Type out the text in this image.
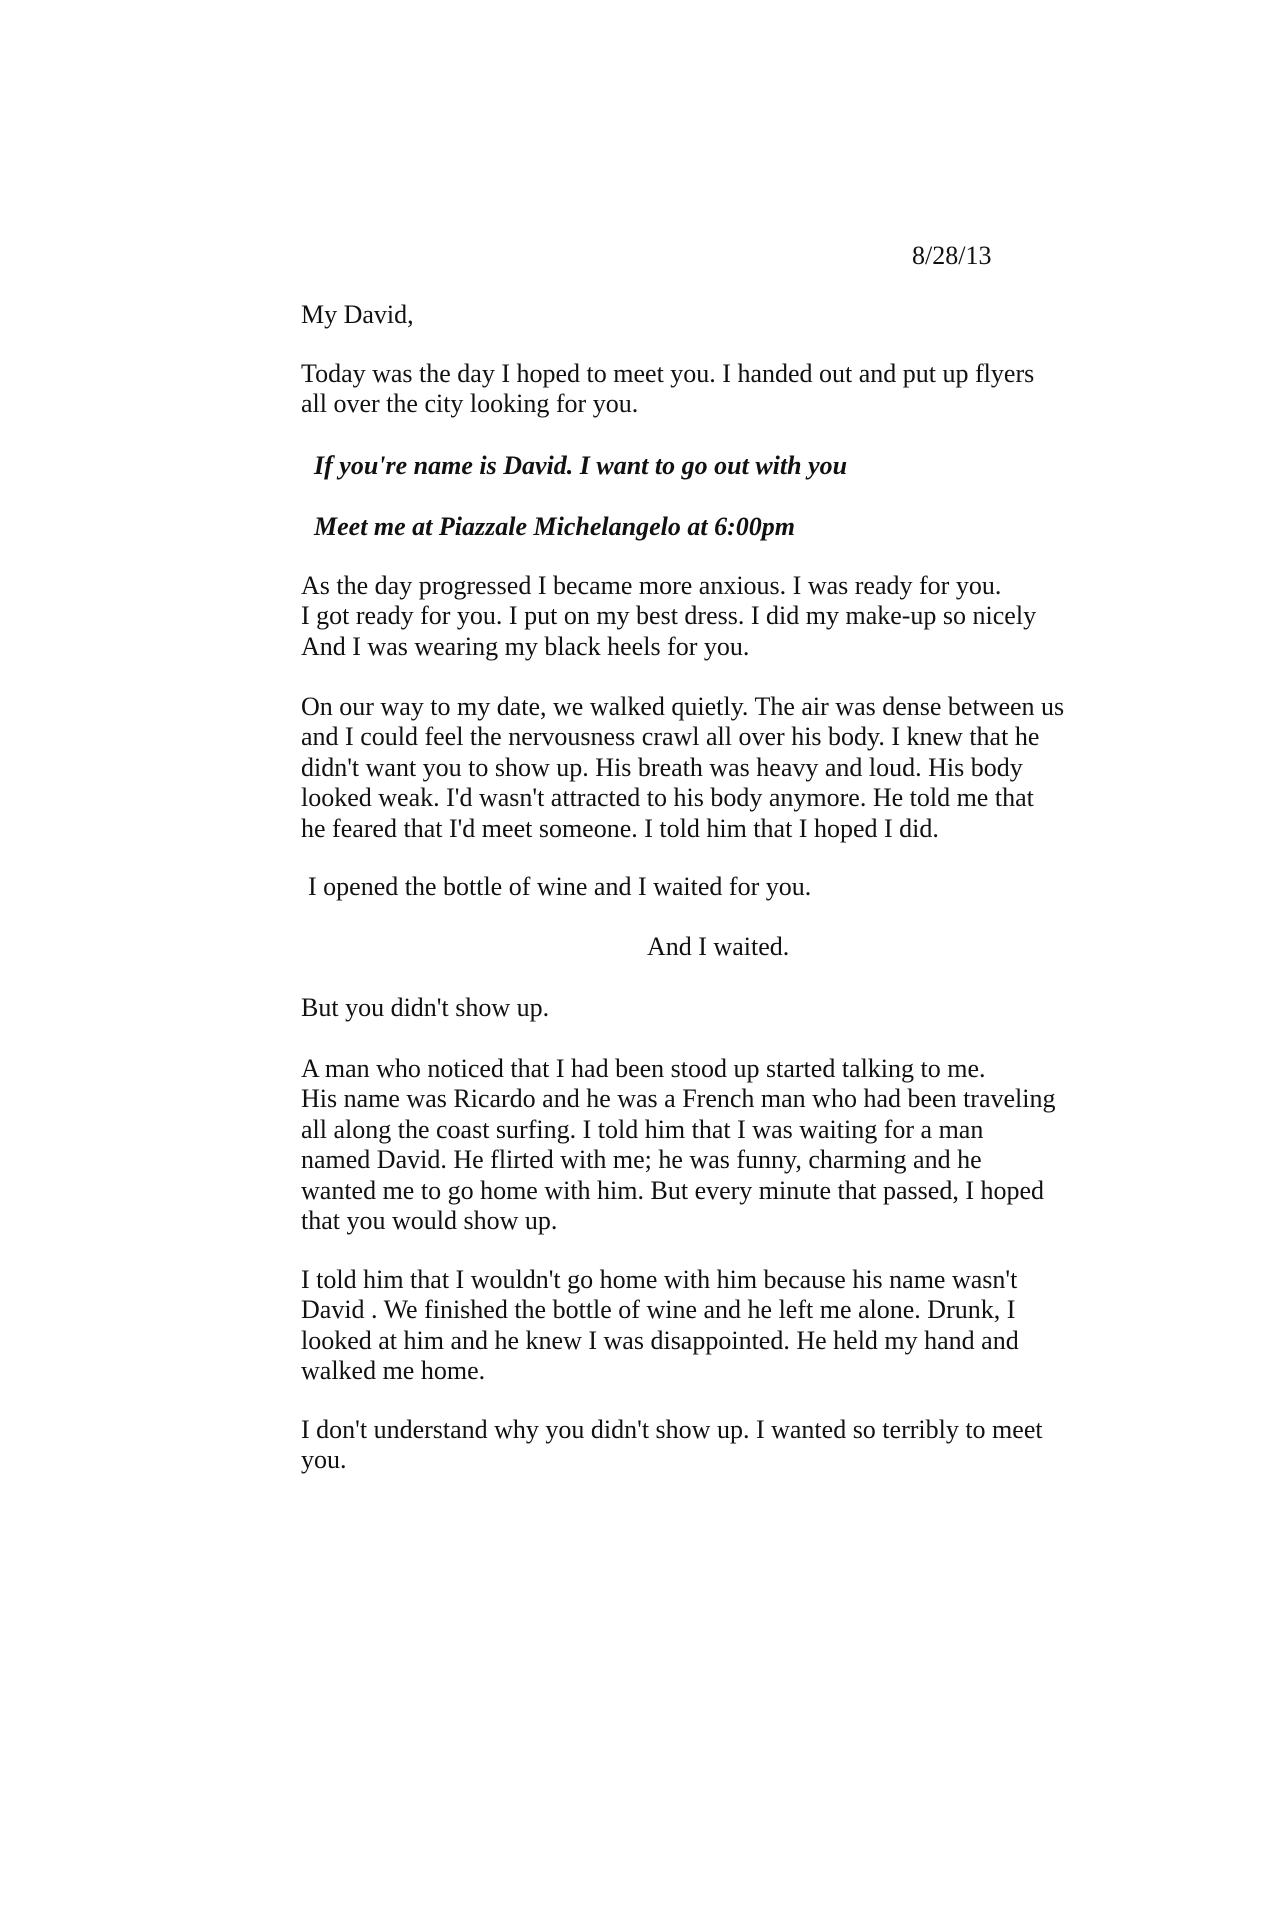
8/28/13
My David,
Today was the day I hoped to meet you. I handed out and put up flyers
all over the city looking for you.
If you're name is David. I want to go out with you
Meet me at Piazzale Michelangelo at 6:00pm
As the day progressed I became more anxious. I was ready for you.
I got ready for you. I put on my best dress. I did my make-up so nicely
And I was wearing my black heels for you.
On our way to my date, we walked quietly. The air was dense between us
and I could feel the nervousness crawl all over his body. I knew that he
didn't want you to show up. His breath was heavy and loud. His body
looked weak. I'd wasn't attracted to his body anymore. He told me that
he feared that I'd meet someone. I told him that I hoped I did.
I opened the bottle of wine and I waited for you.
And I waited.
But you didn't show up.
A man who noticed that I had been stood up started talking to me.
His name was Ricardo and he was a French man who had been traveling
all along the coast surfing. I told him that I was waiting for a man
named David. He flirted with me; he was funny, charming and he
wanted me to go home with him. But every minute that passed, I hoped
that you would show up.
I told him that I wouldn't go home with him because his name wasn't
David . We finished the bottle of wine and he left me alone. Drunk, I
looked at him and he knew I was disappointed. He held my hand and
walked me home.
I don't understand why you didn't show up. I wanted so terribly to meet
you.
